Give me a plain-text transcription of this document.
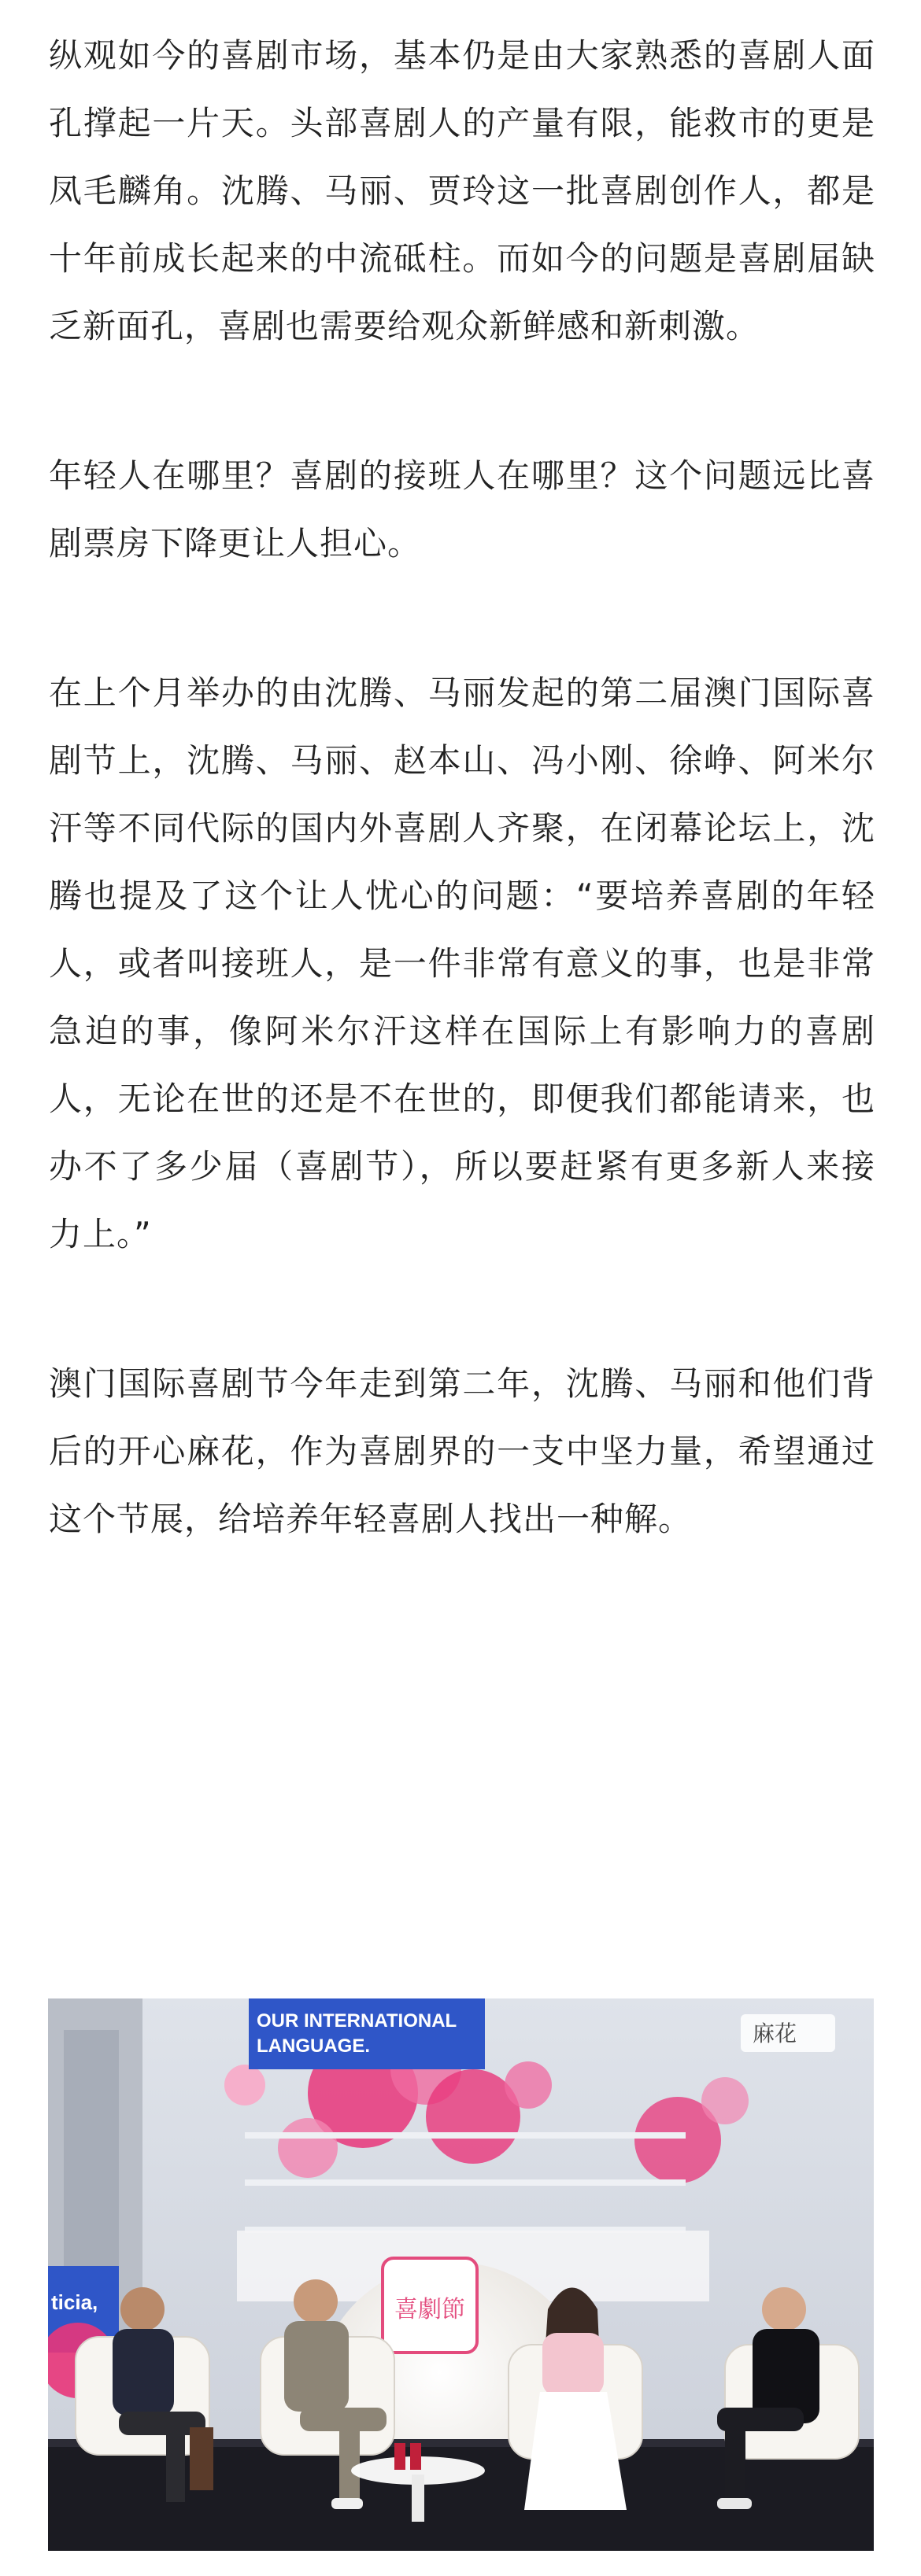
纵观如今的喜剧市场，基本仍是由大家熟悉的喜剧人面孔撑起一片天。头部喜剧人的产量有限，能救市的更是凤毛麟角。沈腾、马丽、贾玲这一批喜剧创作人，都是十年前成长起来的中流砥柱。而如今的问题是喜剧届缺乏新面孔，喜剧也需要给观众新鲜感和新刺激。

年轻人在哪里？喜剧的接班人在哪里？这个问题远比喜剧票房下降更让人担心。

在上个月举办的由沈腾、马丽发起的第二届澳门国际喜剧节上，沈腾、马丽、赵本山、冯小刚、徐峥、阿米尔汗等不同代际的国内外喜剧人齐聚，在闭幕论坛上，沈腾也提及了这个让人忧心的问题：“要培养喜剧的年轻人，或者叫接班人，是一件非常有意义的事，也是非常急迫的事，像阿米尔汗这样在国际上有影响力的喜剧人，无论在世的还是不在世的，即便我们都能请来，也办不了多少届（喜剧节），所以要赶紧有更多新人来接力上。”

澳门国际喜剧节今年走到第二年，沈腾、马丽和他们背后的开心麻花，作为喜剧界的一支中坚力量，希望通过这个节展，给培养年轻喜剧人找出一种解。

OUR INTERNATIONAL
LANGUAGE.	麻花
ticia,	喜劇節
